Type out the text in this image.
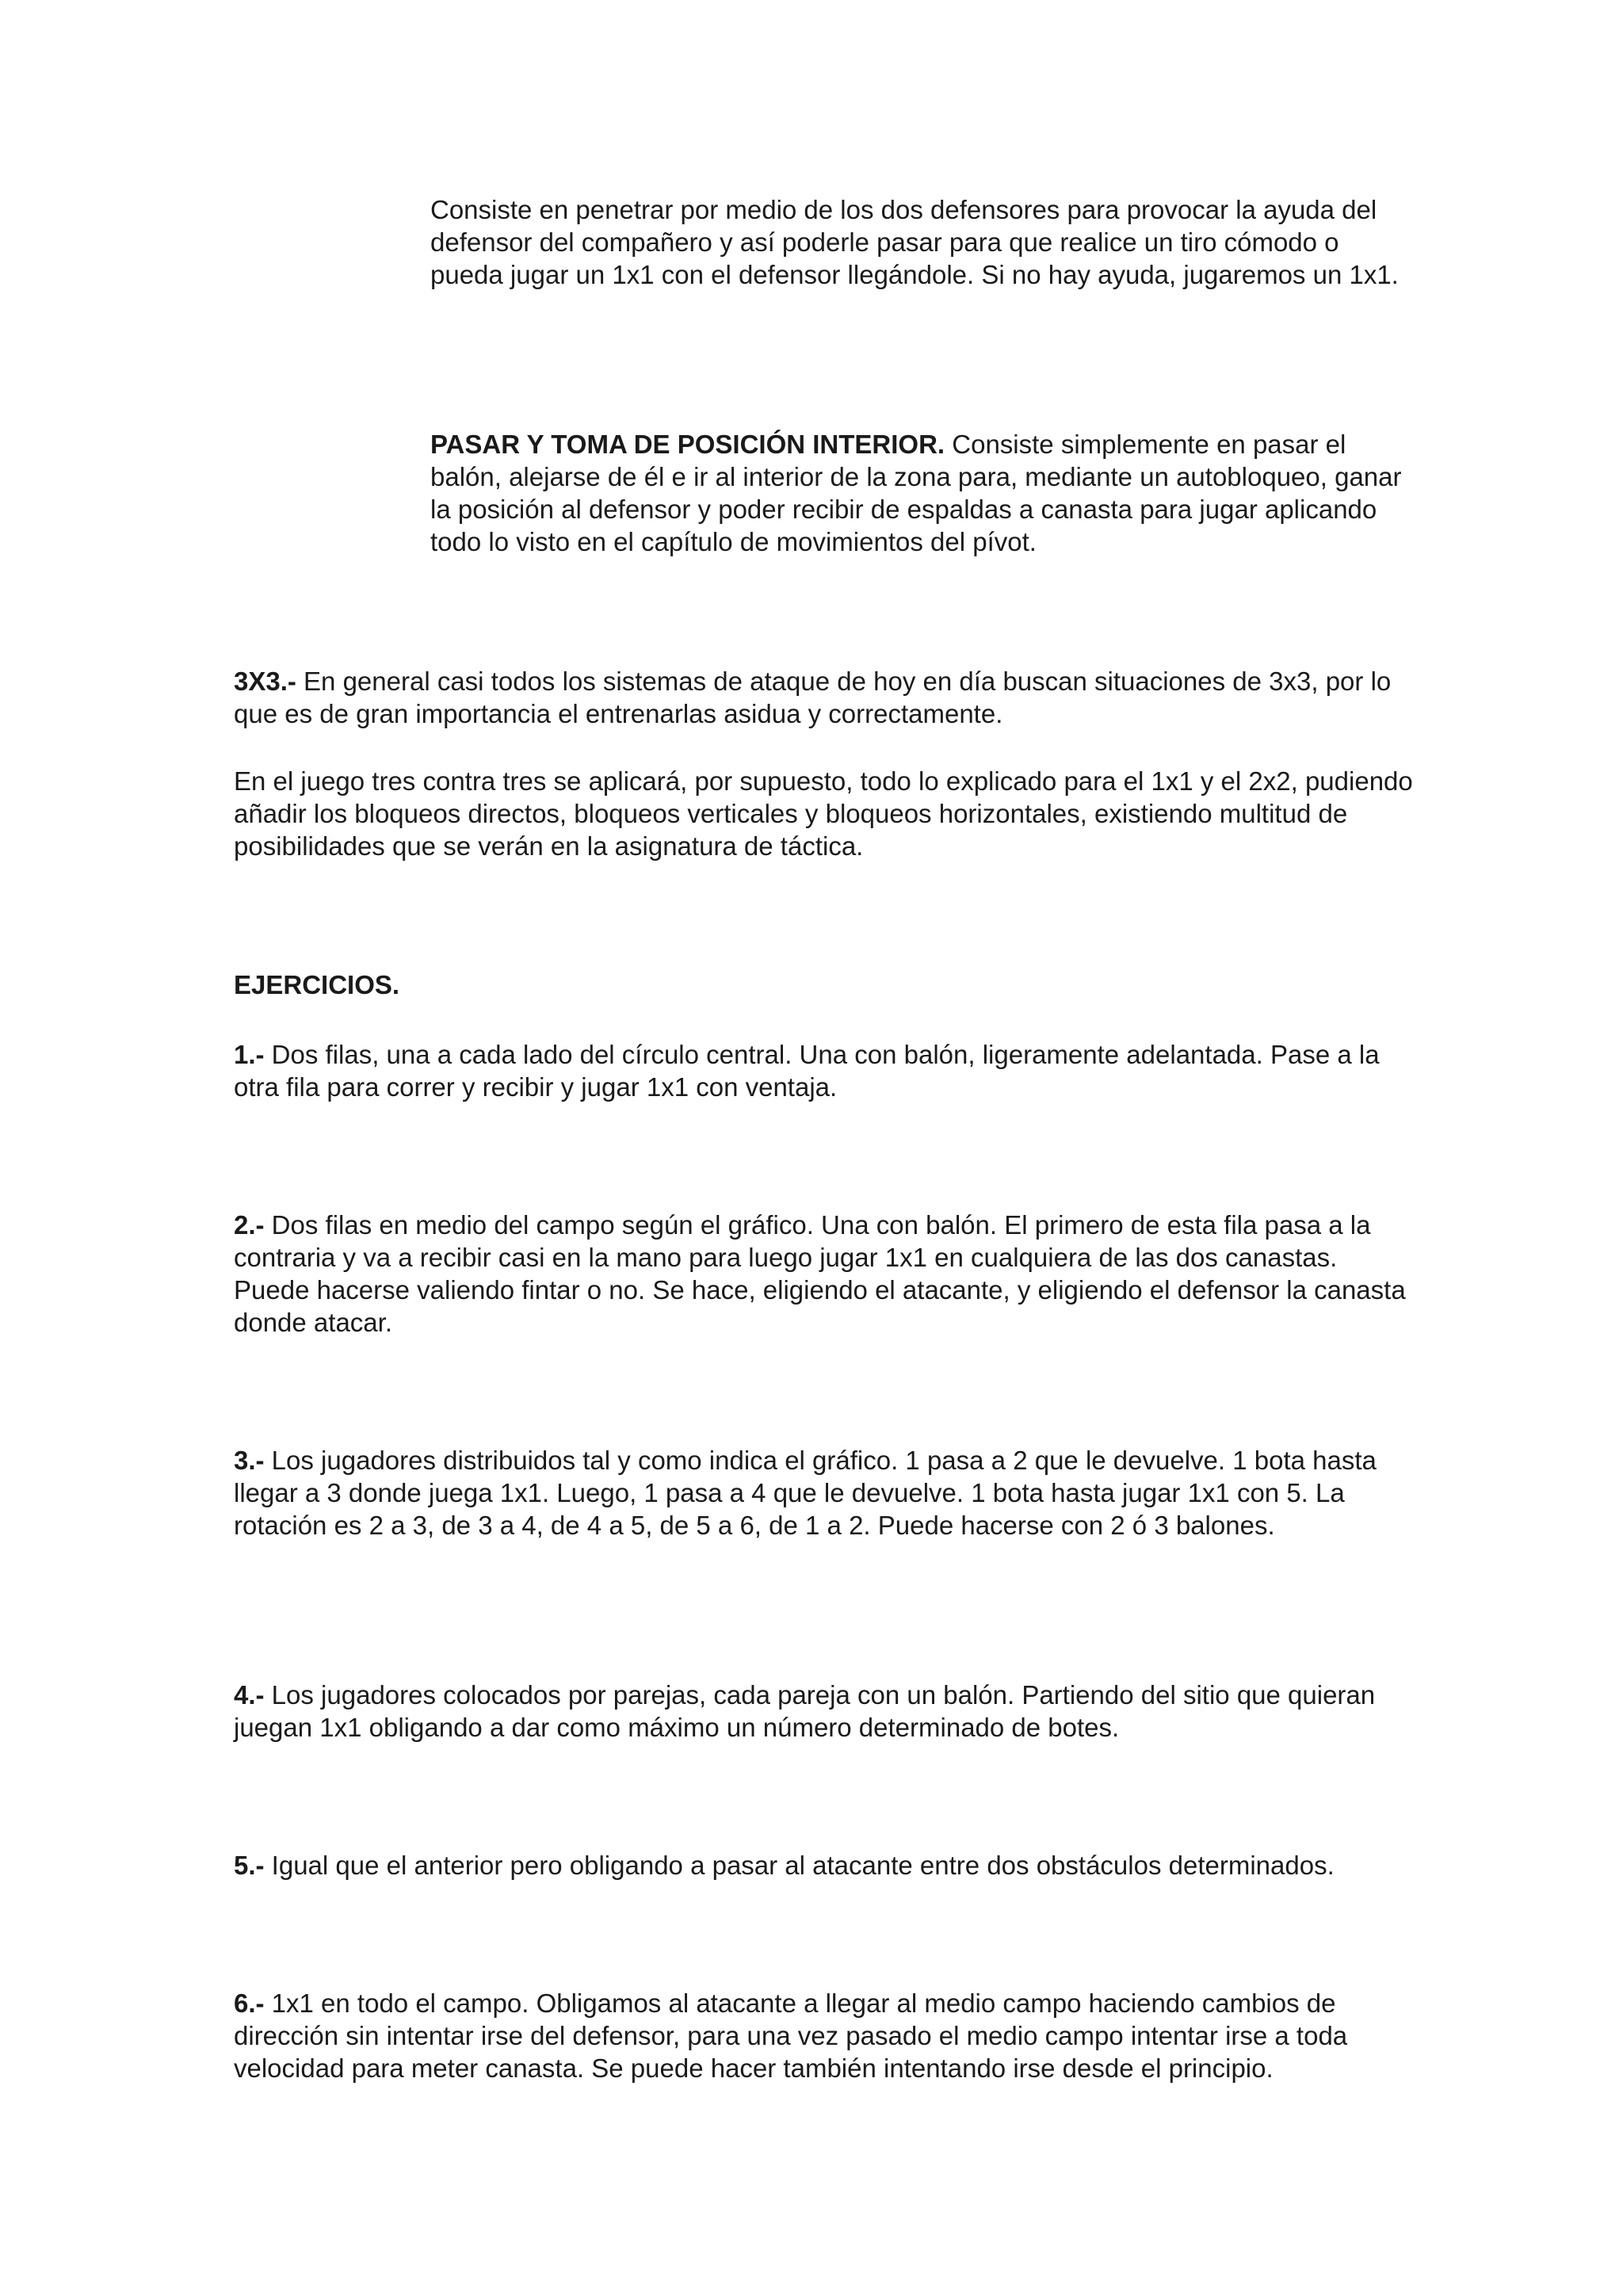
Consiste en penetrar por medio de los dos defensores para provocar la ayuda del defensor del compañero y así poderle pasar para que realice un tiro cómodo o pueda jugar un 1x1 con el defensor llegándole. Si no hay ayuda, jugaremos un 1x1.

PASAR Y TOMA DE POSICIÓN INTERIOR. Consiste simplemente en pasar el balón, alejarse de él e ir al interior de la zona para, mediante un autobloqueo, ganar la posición al defensor y poder recibir de espaldas a canasta para jugar aplicando todo lo visto en el capítulo de movimientos del pívot.

3X3.- En general casi todos los sistemas de ataque de hoy en día buscan situaciones de 3x3, por lo que es de gran importancia el entrenarlas asidua y correctamente.

En el juego tres contra tres se aplicará, por supuesto, todo lo explicado para el 1x1 y el 2x2, pudiendo añadir los bloqueos directos, bloqueos verticales y bloqueos horizontales, existiendo multitud de posibilidades que se verán en la asignatura de táctica.

EJERCICIOS.

1.- Dos filas, una a cada lado del círculo central. Una con balón, ligeramente adelantada. Pase a la otra fila para correr y recibir y jugar 1x1 con ventaja.

2.- Dos filas en medio del campo según el gráfico. Una con balón. El primero de esta fila pasa a la contraria y va a recibir casi en la mano para luego jugar 1x1 en cualquiera de las dos canastas. Puede hacerse valiendo fintar o no. Se hace, eligiendo el atacante, y eligiendo el defensor la canasta donde atacar.

3.- Los jugadores distribuidos tal y como indica el gráfico. 1 pasa a 2 que le devuelve. 1 bota hasta llegar a 3 donde juega 1x1. Luego, 1 pasa a 4 que le devuelve. 1 bota hasta jugar 1x1 con 5. La rotación es 2 a 3, de 3 a 4, de 4 a 5, de 5 a 6, de 1 a 2. Puede hacerse con 2 ó 3 balones.

4.- Los jugadores colocados por parejas, cada pareja con un balón. Partiendo del sitio que quieran juegan 1x1 obligando a dar como máximo un número determinado de botes.

5.- Igual que el anterior pero obligando a pasar al atacante entre dos obstáculos determinados.

6.- 1x1 en todo el campo. Obligamos al atacante a llegar al medio campo haciendo cambios de dirección sin intentar irse del defensor, para una vez pasado el medio campo intentar irse a toda velocidad para meter canasta. Se puede hacer también intentando irse desde el principio.
